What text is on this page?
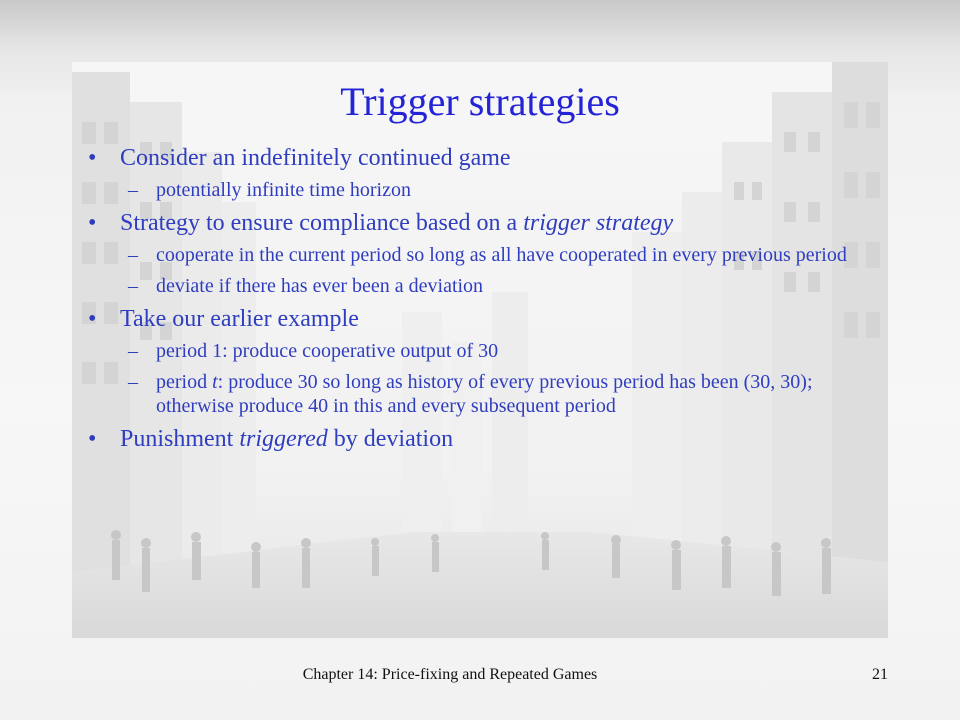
Trigger strategies
• Consider an indefinitely continued game
– potentially infinite time horizon
• Strategy to ensure compliance based on a trigger strategy
– cooperate in the current period so long as all have cooperated in every previous period
– deviate if there has ever been a deviation
• Take our earlier example
– period 1: produce cooperative output of 30
– period t: produce 30 so long as history of every previous period has been (30, 30); otherwise produce 40 in this and every subsequent period
• Punishment triggered by deviation
Chapter 14: Price-fixing and Repeated Games	21
